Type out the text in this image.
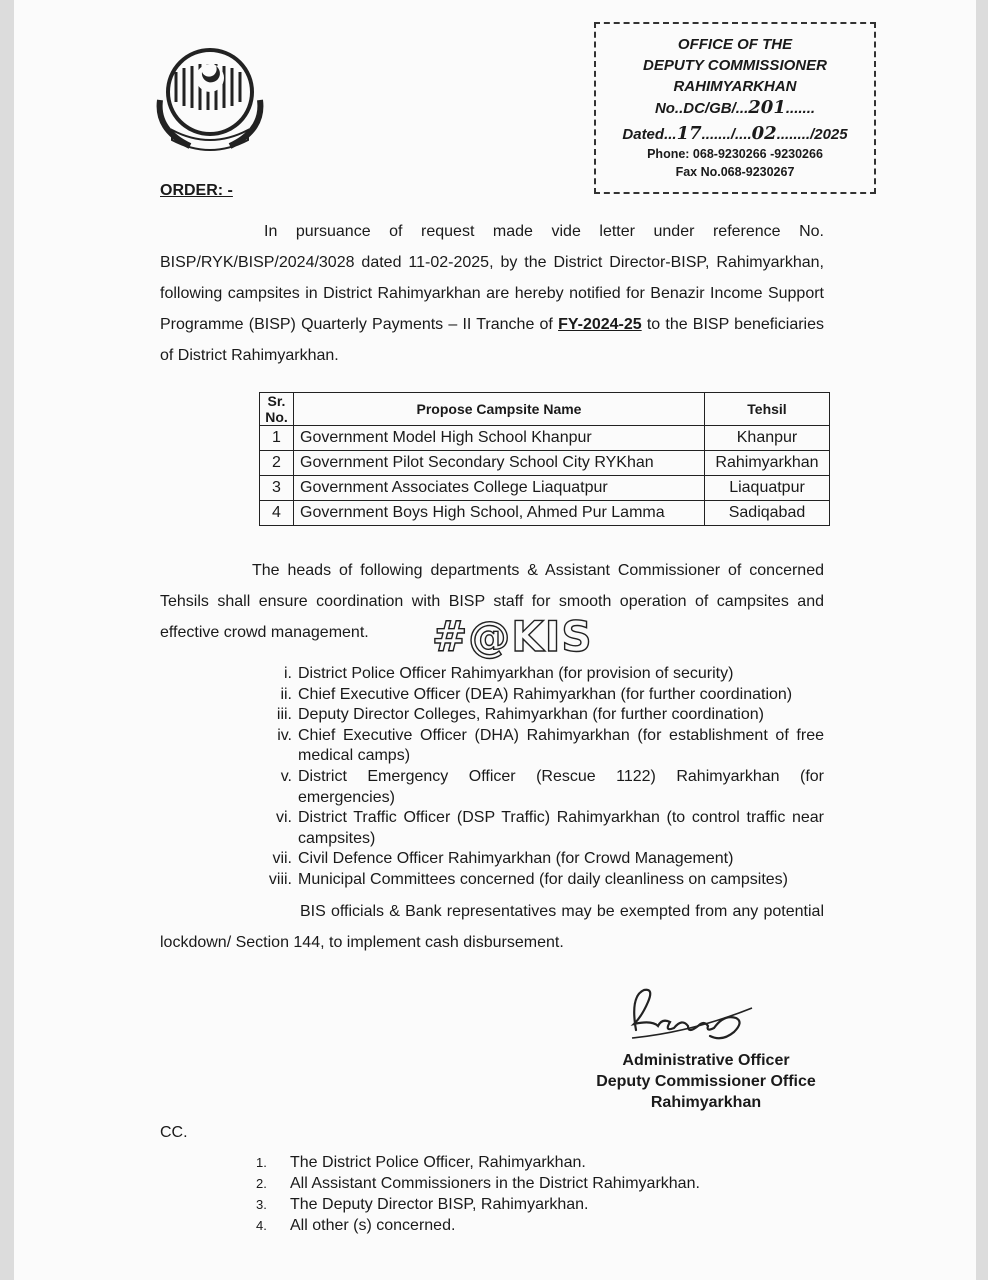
OFFICE OF THE
DEPUTY COMMISSIONER
RAHIMYARKHAN
No..DC/GB/...201.......
Dated...17......./....02......../2025
Phone: 068-9230266 -9230266
Fax No.068-9230267
ORDER: -
In pursuance of request made vide letter under reference No. BISP/RYK/BISP/2024/3028 dated 11-02-2025, by the District Director-BISP, Rahimyarkhan, following campsites in District Rahimyarkhan are hereby notified for Benazir Income Support Programme (BISP) Quarterly Payments – II Tranche of FY-2024-25 to the BISP beneficiaries of District Rahimyarkhan.
Sr. No.	Propose Campsite Name	Tehsil
1	Government Model High School Khanpur	Khanpur
2	Government Pilot Secondary School City RYKhan	Rahimyarkhan
3	Government Associates College Liaquatpur	Liaquatpur
4	Government Boys High School, Ahmed Pur Lamma	Sadiqabad
The heads of following departments & Assistant Commissioner of concerned Tehsils shall ensure coordination with BISP staff for smooth operation of campsites and effective crowd management.	#@KIS
i. District Police Officer Rahimyarkhan (for provision of security)
ii. Chief Executive Officer (DEA) Rahimyarkhan (for further coordination)
iii. Deputy Director Colleges, Rahimyarkhan (for further coordination)
iv. Chief Executive Officer (DHA) Rahimyarkhan (for establishment of free medical camps)
v. District Emergency Officer (Rescue 1122) Rahimyarkhan (for emergencies)
vi. District Traffic Officer (DSP Traffic) Rahimyarkhan (to control traffic near campsites)
vii. Civil Defence Officer Rahimyarkhan (for Crowd Management)
viii. Municipal Committees concerned (for daily cleanliness on campsites)
BIS officials & Bank representatives may be exempted from any potential lockdown/ Section 144, to implement cash disbursement.
Administrative Officer
Deputy Commissioner Office
Rahimyarkhan
CC.
1. The District Police Officer, Rahimyarkhan.
2. All Assistant Commissioners in the District Rahimyarkhan.
3. The Deputy Director BISP, Rahimyarkhan.
4. All other (s) concerned.
